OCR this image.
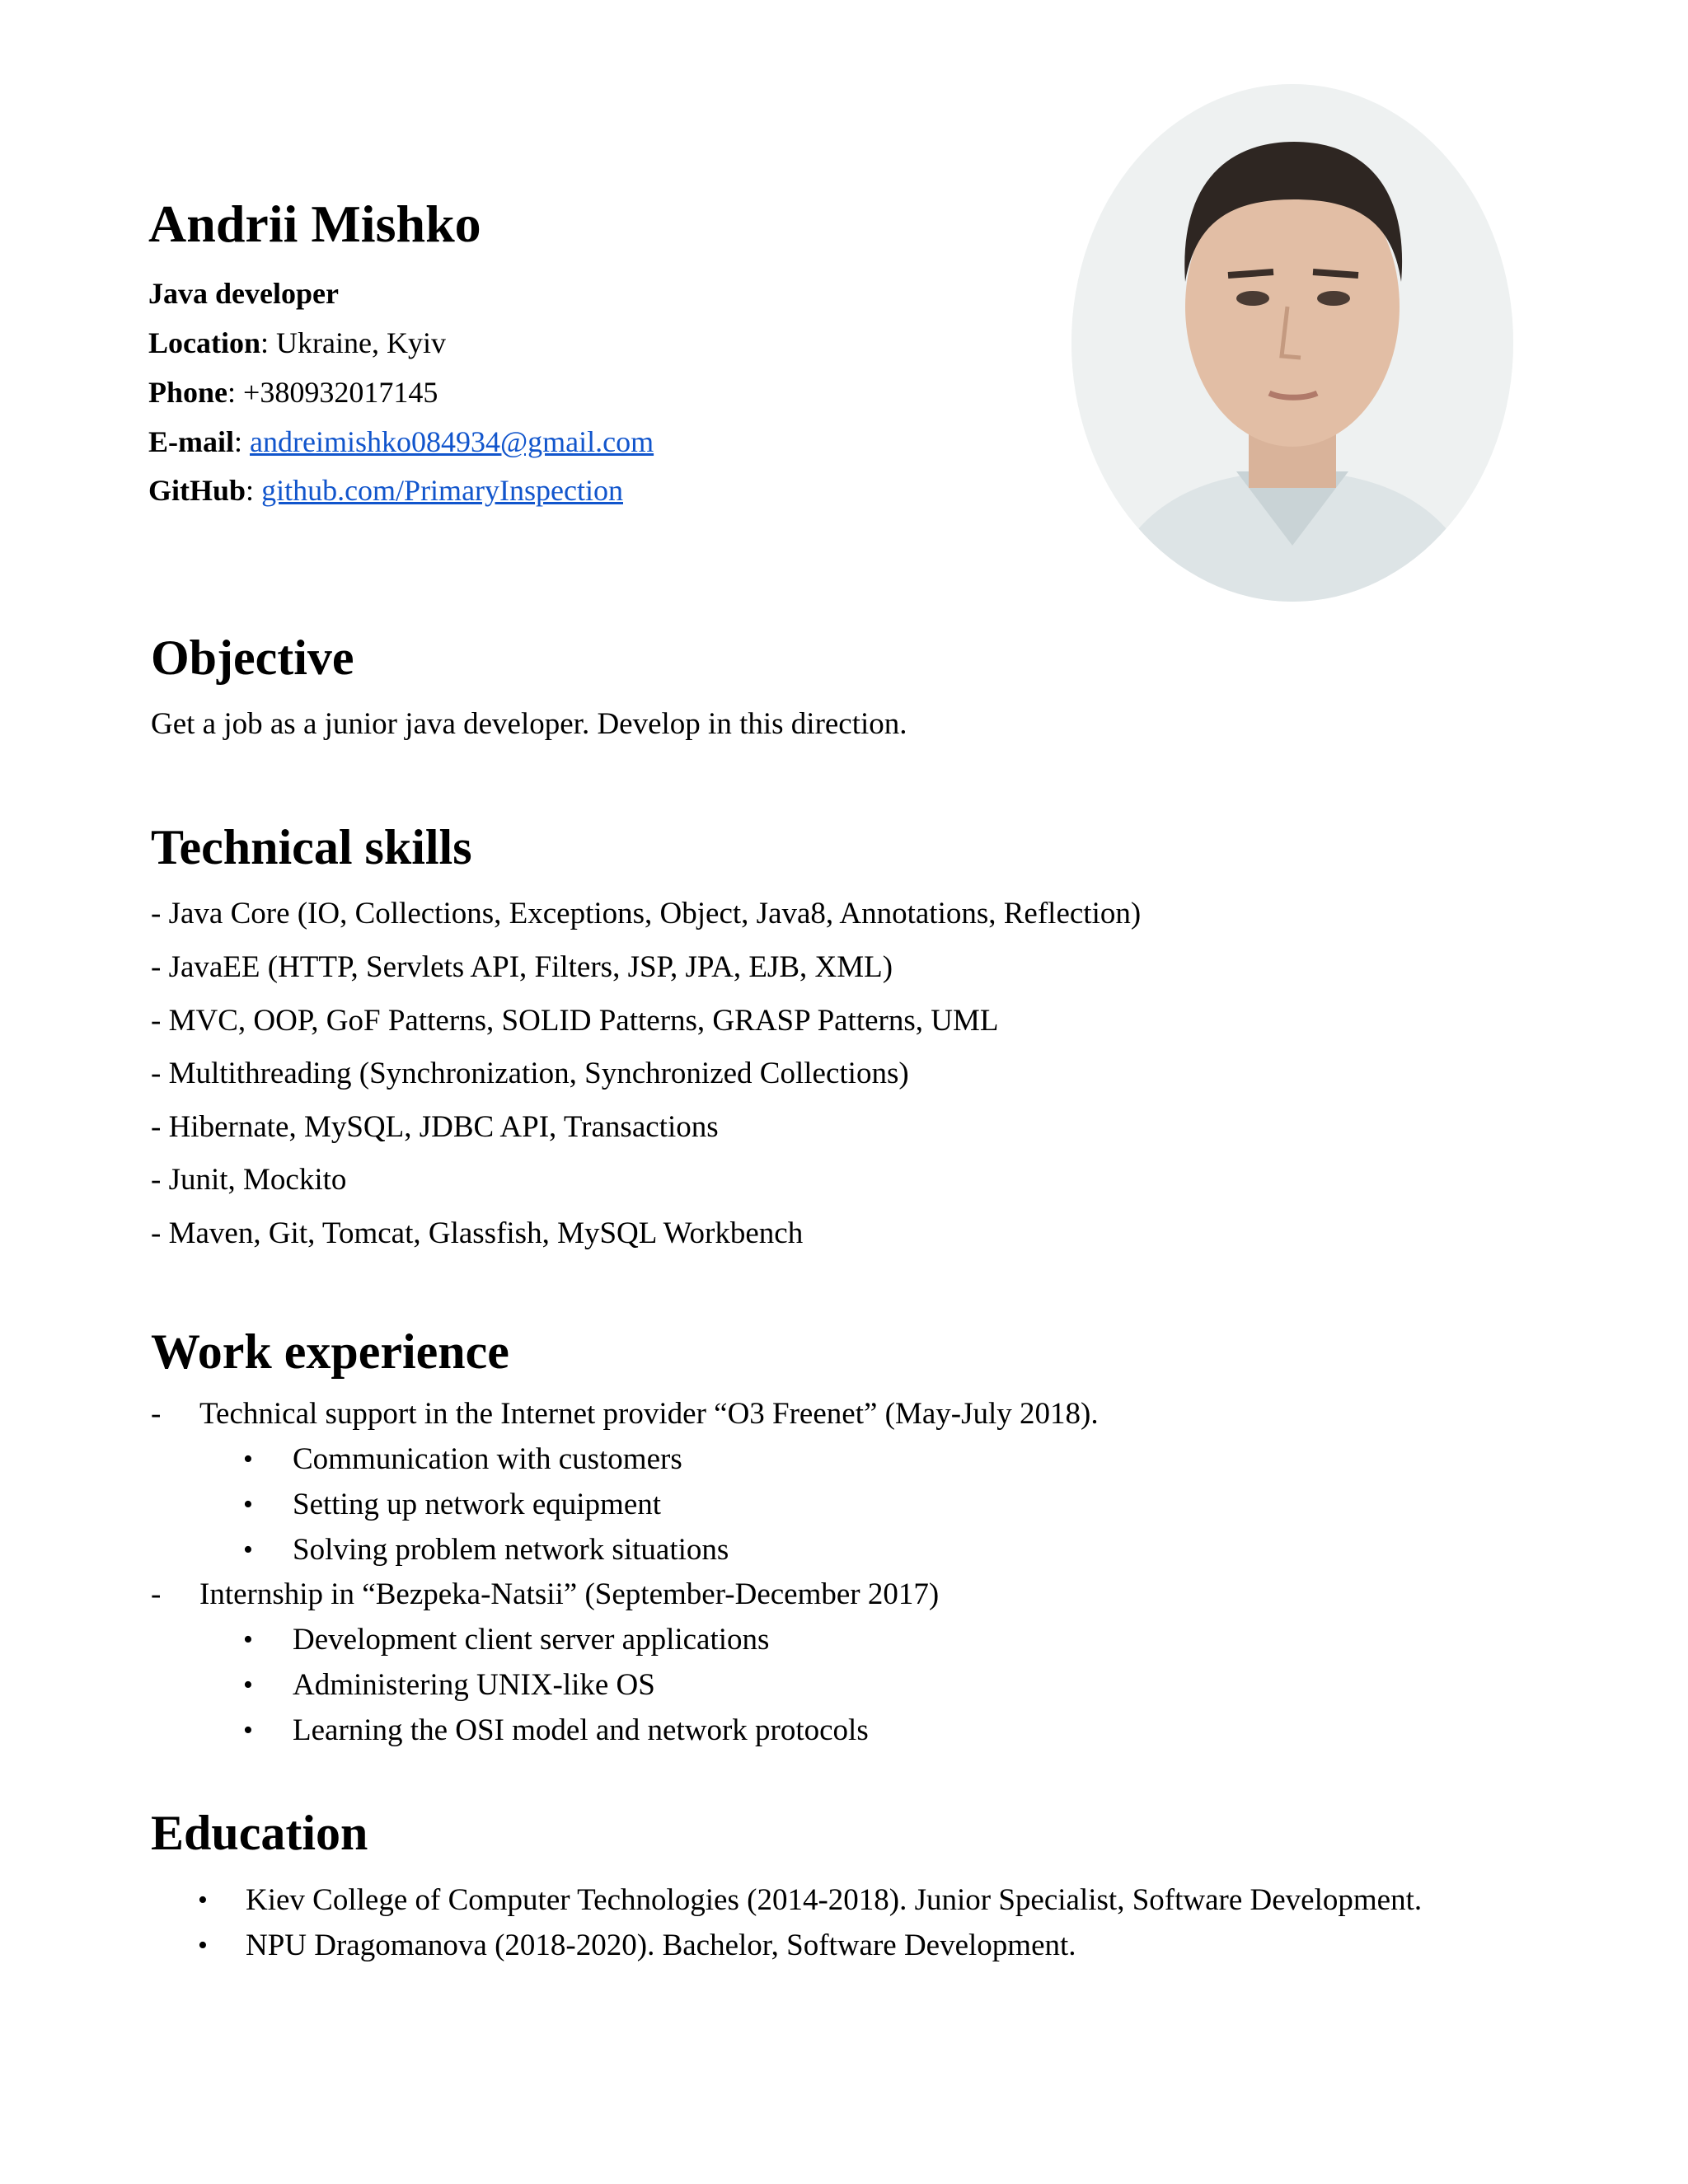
Andrii Mishko
Java developer
Location: Ukraine, Kyiv
Phone: +380932017145
E-mail: andreimishko084934@gmail.com
GitHub: github.com/PrimaryInspection
Objective
Get a job as a junior java developer. Develop in this direction.
Technical skills
- Java Core (IO, Collections, Exceptions, Object, Java8, Annotations, Reflection)
- JavaEE (HTTP, Servlets API, Filters, JSP, JPA, EJB, XML)
- MVC, OOP, GoF Patterns, SOLID Patterns, GRASP Patterns, UML
- Multithreading (Synchronization, Synchronized Collections)
- Hibernate, MySQL, JDBC API, Transactions
- Junit, Mockito
- Maven, Git, Tomcat, Glassfish, MySQL Workbench
Work experience
- Technical support in the Internet provider “O3 Freenet” (May-July 2018).
• Communication with customers
• Setting up network equipment
• Solving problem network situations
- Internship in “Bezpeka-Natsii” (September-December 2017)
• Development client server applications
• Administering UNIX-like OS
• Learning the OSI model and network protocols
Education
• Kiev College of Computer Technologies (2014-2018). Junior Specialist, Software Development.
• NPU Dragomanova (2018-2020). Bachelor, Software Development.
